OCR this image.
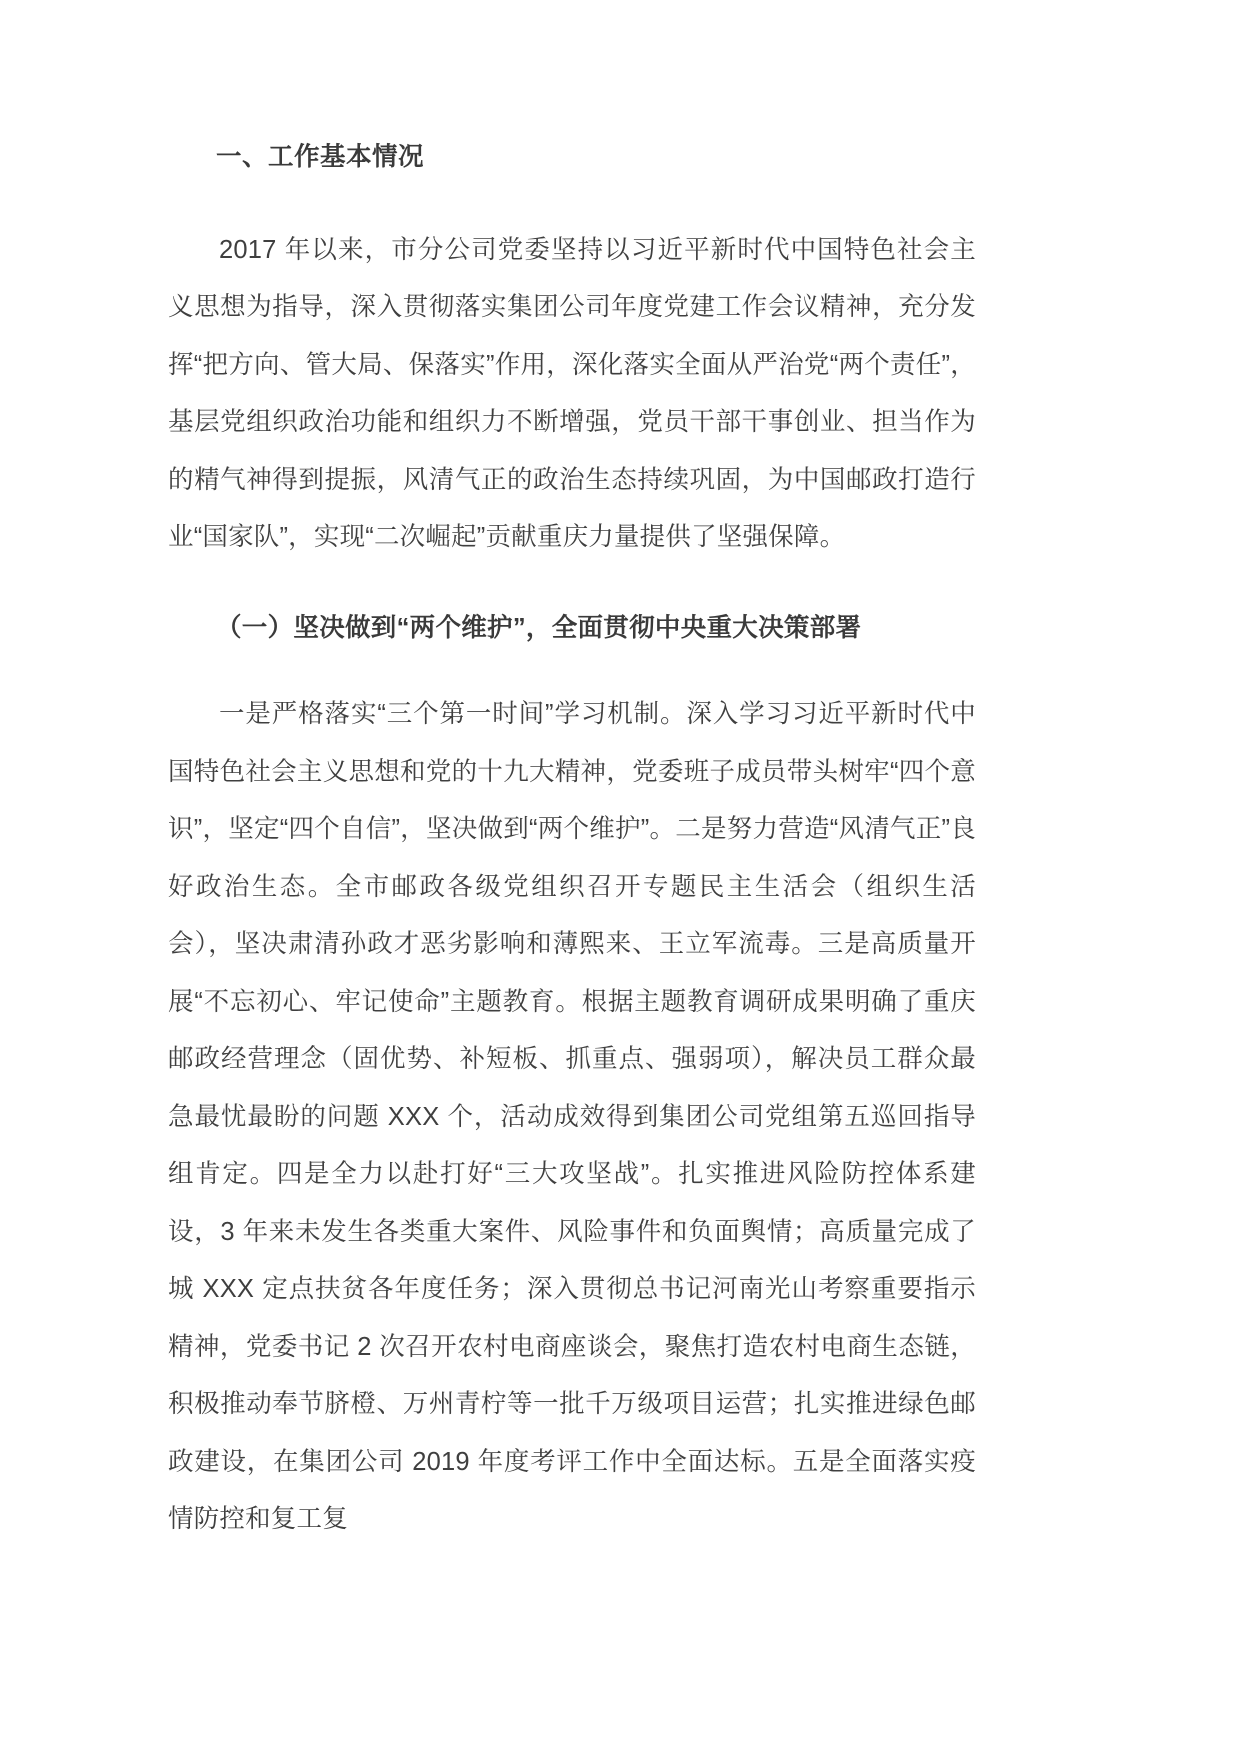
一、工作基本情况

2017 年以来，市分公司党委坚持以习近平新时代中国特色社会主义思想为指导，深入贯彻落实集团公司年度党建工作会议精神，充分发挥“把方向、管大局、保落实”作用，深化落实全面从严治党“两个责任”，基层党组织政治功能和组织力不断增强，党员干部干事创业、担当作为的精气神得到提振，风清气正的政治生态持续巩固，为中国邮政打造行业“国家队”，实现“二次崛起”贡献重庆力量提供了坚强保障。

（一）坚决做到“两个维护”，全面贯彻中央重大决策部署

一是严格落实“三个第一时间”学习机制。深入学习习近平新时代中国特色社会主义思想和党的十九大精神，党委班子成员带头树牢“四个意识”，坚定“四个自信”，坚决做到“两个维护”。二是努力营造“风清气正”良好政治生态。全市邮政各级党组织召开专题民主生活会（组织生活会），坚决肃清孙政才恶劣影响和薄熙来、王立军流毒。三是高质量开展“不忘初心、牢记使命”主题教育。根据主题教育调研成果明确了重庆邮政经营理念（固优势、补短板、抓重点、强弱项），解决员工群众最急最忧最盼的问题 XXX 个，活动成效得到集团公司党组第五巡回指导组肯定。四是全力以赴打好“三大攻坚战”。扎实推进风险防控体系建设，3 年来未发生各类重大案件、风险事件和负面舆情；高质量完成了城 XXX 定点扶贫各年度任务；深入贯彻总书记河南光山考察重要指示精神，党委书记 2 次召开农村电商座谈会，聚焦打造农村电商生态链，积极推动奉节脐橙、万州青柠等一批千万级项目运营；扎实推进绿色邮政建设，在集团公司 2019 年度考评工作中全面达标。五是全面落实疫情防控和复工复
